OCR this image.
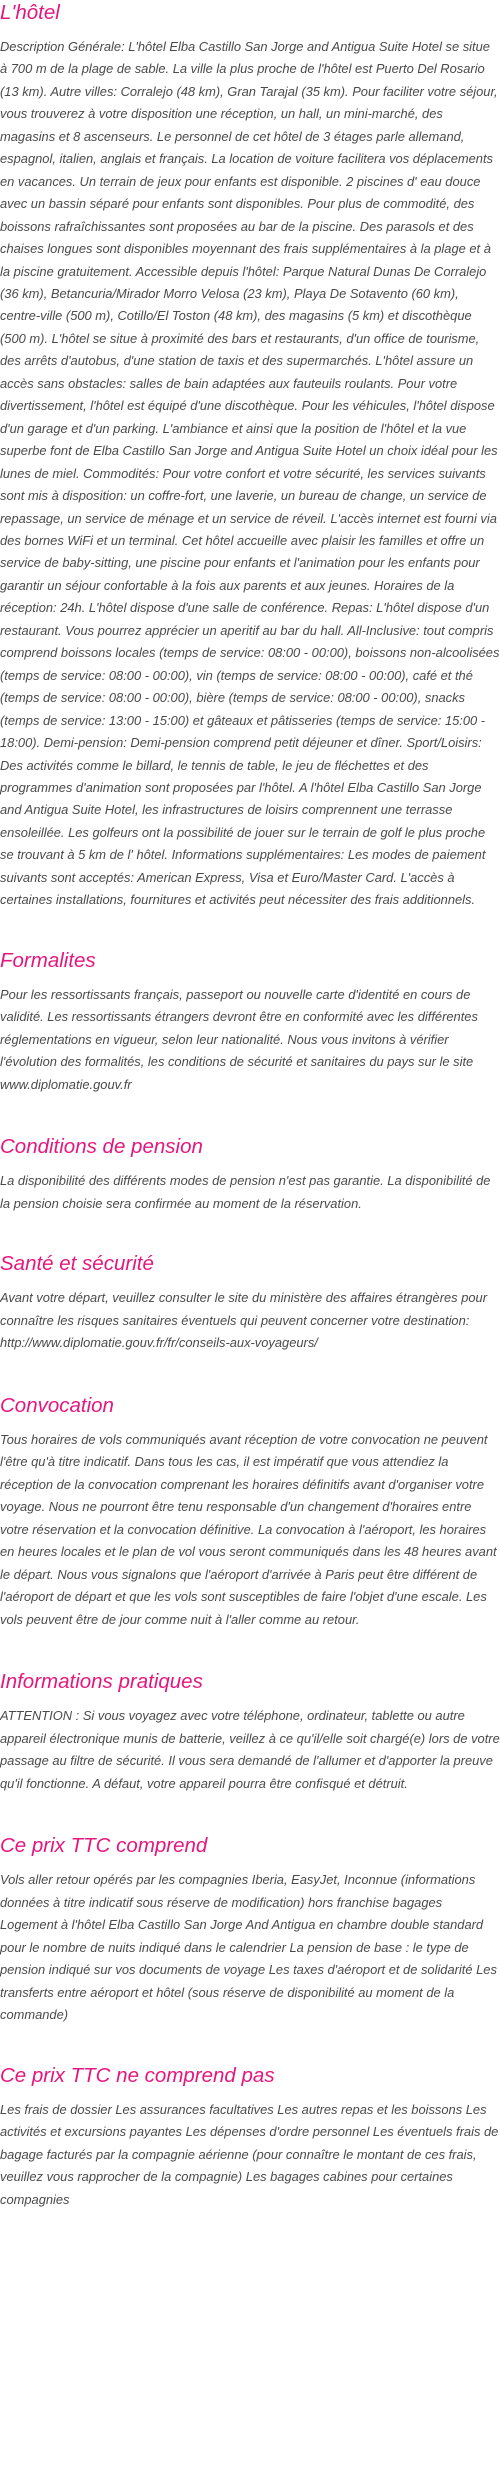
L'hôtel

Description Générale: L'hôtel Elba Castillo San Jorge and Antigua Suite Hotel se situe à 700 m de la plage de sable. La ville la plus proche de l'hôtel est Puerto Del Rosario (13 km). Autre villes: Corralejo (48 km), Gran Tarajal (35 km). Pour faciliter votre séjour, vous trouverez à votre disposition une réception, un hall, un mini-marché, des magasins et 8 ascenseurs. Le personnel de cet hôtel de 3 étages parle allemand, espagnol, italien, anglais et français. La location de voiture facilitera vos déplacements en vacances. Un terrain de jeux pour enfants est disponible. 2 piscines d' eau douce avec un bassin séparé pour enfants sont disponibles. Pour plus de commodité, des boissons rafraîchissantes sont proposées au bar de la piscine. Des parasols et des chaises longues sont disponibles moyennant des frais supplémentaires à la plage et à la piscine gratuitement. Accessible depuis l'hôtel: Parque Natural Dunas De Corralejo (36 km), Betancuria/Mirador Morro Velosa (23 km), Playa De Sotavento (60 km), centre-ville (500 m), Cotillo/El Toston (48 km), des magasins (5 km) et discothèque (500 m). L'hôtel se situe à proximité des bars et restaurants, d'un office de tourisme, des arrêts d'autobus, d'une station de taxis et des supermarchés. L'hôtel assure un accès sans obstacles: salles de bain adaptées aux fauteuils roulants. Pour votre divertissement, l'hôtel est équipé d'une discothèque. Pour les véhicules, l'hôtel dispose d'un garage et d'un parking. L'ambiance et ainsi que la position de l'hôtel et la vue superbe font de Elba Castillo San Jorge and Antigua Suite Hotel un choix idéal pour les lunes de miel. Commodités: Pour votre confort et votre sécurité, les services suivants sont mis à disposition: un coffre-fort, une laverie, un bureau de change, un service de repassage, un service de ménage et un service de réveil. L'accès internet est fourni via des bornes WiFi et un terminal. Cet hôtel accueille avec plaisir les familles et offre un service de baby-sitting, une piscine pour enfants et l'animation pour les enfants pour garantir un séjour confortable à la fois aux parents et aux jeunes. Horaires de la réception: 24h. L'hôtel dispose d'une salle de conférence. Repas: L'hôtel dispose d'un restaurant. Vous pourrez apprécier un aperitif au bar du hall. All-Inclusive: tout compris comprend boissons locales (temps de service: 08:00 - 00:00), boissons non-alcoolisées (temps de service: 08:00 - 00:00), vin (temps de service: 08:00 - 00:00), café et thé (temps de service: 08:00 - 00:00), bière (temps de service: 08:00 - 00:00), snacks (temps de service: 13:00 - 15:00) et gâteaux et pâtisseries (temps de service: 15:00 - 18:00). Demi-pension: Demi-pension comprend petit déjeuner et dîner. Sport/Loisirs: Des activités comme le billard, le tennis de table, le jeu de fléchettes et des programmes d'animation sont proposées par l'hôtel. A l'hôtel Elba Castillo San Jorge and Antigua Suite Hotel, les infrastructures de loisirs comprennent une terrasse ensoleillée. Les golfeurs ont la possibilité de jouer sur le terrain de golf le plus proche se trouvant à 5 km de l' hôtel. Informations supplémentaires: Les modes de paiement suivants sont acceptés: American Express, Visa et Euro/Master Card. L'accès à certaines installations, fournitures et activités peut nécessiter des frais additionnels.

Formalites

Pour les ressortissants français, passeport ou nouvelle carte d'identité en cours de validité. Les ressortissants étrangers devront être en conformité avec les différentes réglementations en vigueur, selon leur nationalité. Nous vous invitons à vérifier l'évolution des formalités, les conditions de sécurité et sanitaires du pays sur le site www.diplomatie.gouv.fr

Conditions de pension

La disponibilité des différents modes de pension n'est pas garantie. La disponibilité de la pension choisie sera confirmée au moment de la réservation.

Santé et sécurité

Avant votre départ, veuillez consulter le site du ministère des affaires étrangères pour connaître les risques sanitaires éventuels qui peuvent concerner votre destination: http://www.diplomatie.gouv.fr/fr/conseils-aux-voyageurs/

Convocation

Tous horaires de vols communiqués avant réception de votre convocation ne peuvent l'être qu'à titre indicatif. Dans tous les cas, il est impératif que vous attendiez la réception de la convocation comprenant les horaires définitifs avant d'organiser votre voyage. Nous ne pourront être tenu responsable d'un changement d'horaires entre votre réservation et la convocation définitive. La convocation à l'aéroport, les horaires en heures locales et le plan de vol vous seront communiqués dans les 48 heures avant le départ. Nous vous signalons que l'aéroport d'arrivée à Paris peut être différent de l'aéroport de départ et que les vols sont susceptibles de faire l'objet d'une escale. Les vols peuvent être de jour comme nuit à l'aller comme au retour.

Informations pratiques

ATTENTION : Si vous voyagez avec votre téléphone, ordinateur, tablette ou autre appareil électronique munis de batterie, veillez à ce qu'il/elle soit chargé(e) lors de votre passage au filtre de sécurité. Il vous sera demandé de l'allumer et d'apporter la preuve qu'il fonctionne. A défaut, votre appareil pourra être confisqué et détruit.

Ce prix TTC comprend

Vols aller retour opérés par les compagnies Iberia, EasyJet, Inconnue (informations données à titre indicatif sous réserve de modification) hors franchise bagages Logement à l'hôtel Elba Castillo San Jorge And Antigua en chambre double standard pour le nombre de nuits indiqué dans le calendrier La pension de base : le type de pension indiqué sur vos documents de voyage Les taxes d'aéroport et de solidarité Les transferts entre aéroport et hôtel (sous réserve de disponibilité au moment de la commande)

Ce prix TTC ne comprend pas

Les frais de dossier Les assurances facultatives Les autres repas et les boissons Les activités et excursions payantes Les dépenses d'ordre personnel Les éventuels frais de bagage facturés par la compagnie aérienne (pour connaître le montant de ces frais, veuillez vous rapprocher de la compagnie) Les bagages cabines pour certaines compagnies
